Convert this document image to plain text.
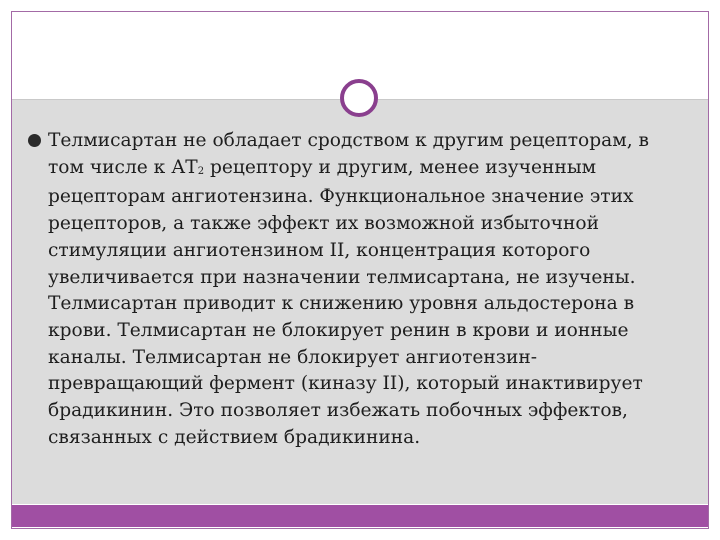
Телмисартан не обладает сродством к другим рецепторам, в том числе к $АТ_2$ рецептору и другим, менее изученным рецепторам ангиотензина. Функциональное значение этих рецепторов, а также эффект их возможной избыточной стимуляции ангиотензином II, концентрация которого увеличивается при назначении телмисартана, не изучены. Телмисартан приводит к снижению уровня альдостерона в крови. Телмисартан не блокирует ренин в крови и ионные каналы. Телмисартан не блокирует ангиотензин-превращающий фермент (киназу II), который инактивирует брадикинин. Это позволяет избежать побочных эффектов, связанных с действием брадикинина.
